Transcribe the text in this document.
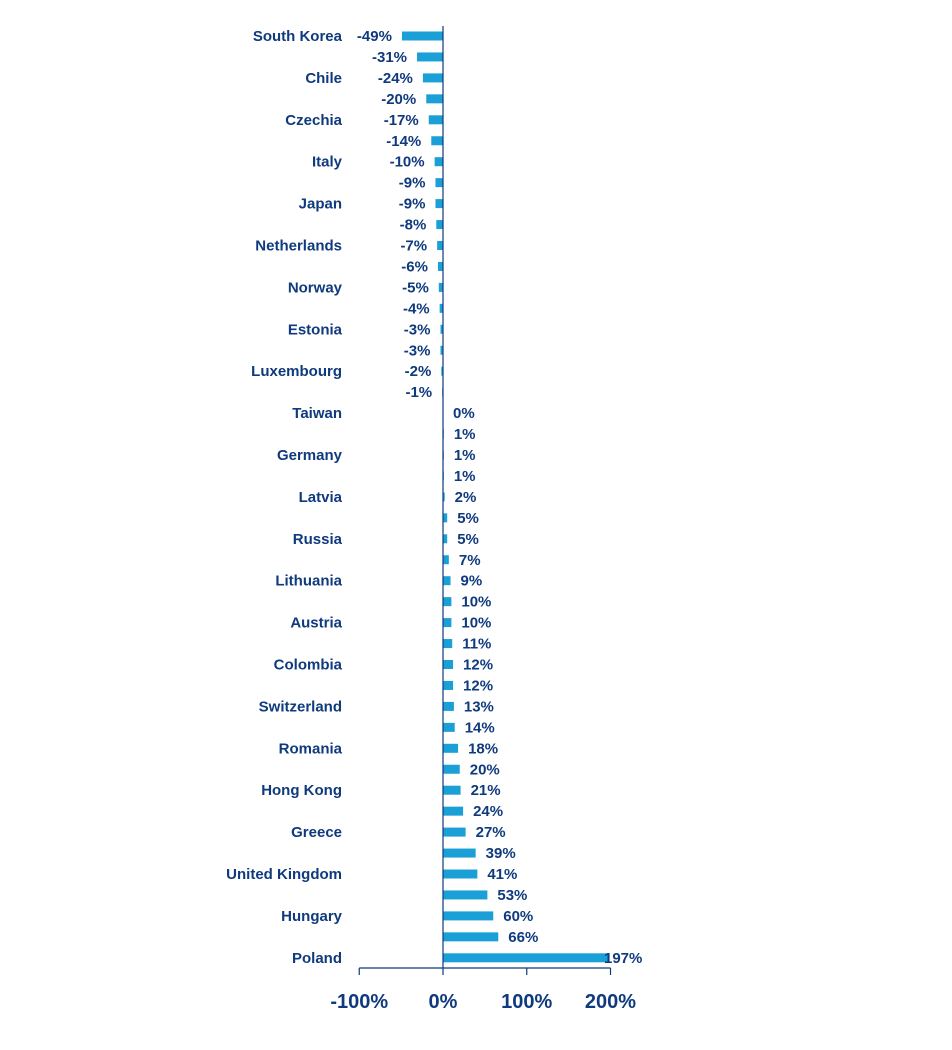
-49%
South Korea
-31%
-24%
Chile
-20%
-17%
Czechia
-14%
-10%
Italy
-9%
-9%
Japan
-8%
-7%
Netherlands
-6%
-5%
Norway
-4%
-3%
Estonia
-3%
-2%
Luxembourg
-1%
0%
Taiwan
1%
1%
Germany
1%
2%
Latvia
5%
5%
Russia
7%
9%
Lithuania
10%
10%
Austria
11%
12%
Colombia
12%
13%
Switzerland
14%
18%
Romania
20%
21%
Hong Kong
24%
27%
Greece
39%
41%
United Kingdom
53%
60%
Hungary
66%
197%
Poland
-100% 0% 100% 200%
